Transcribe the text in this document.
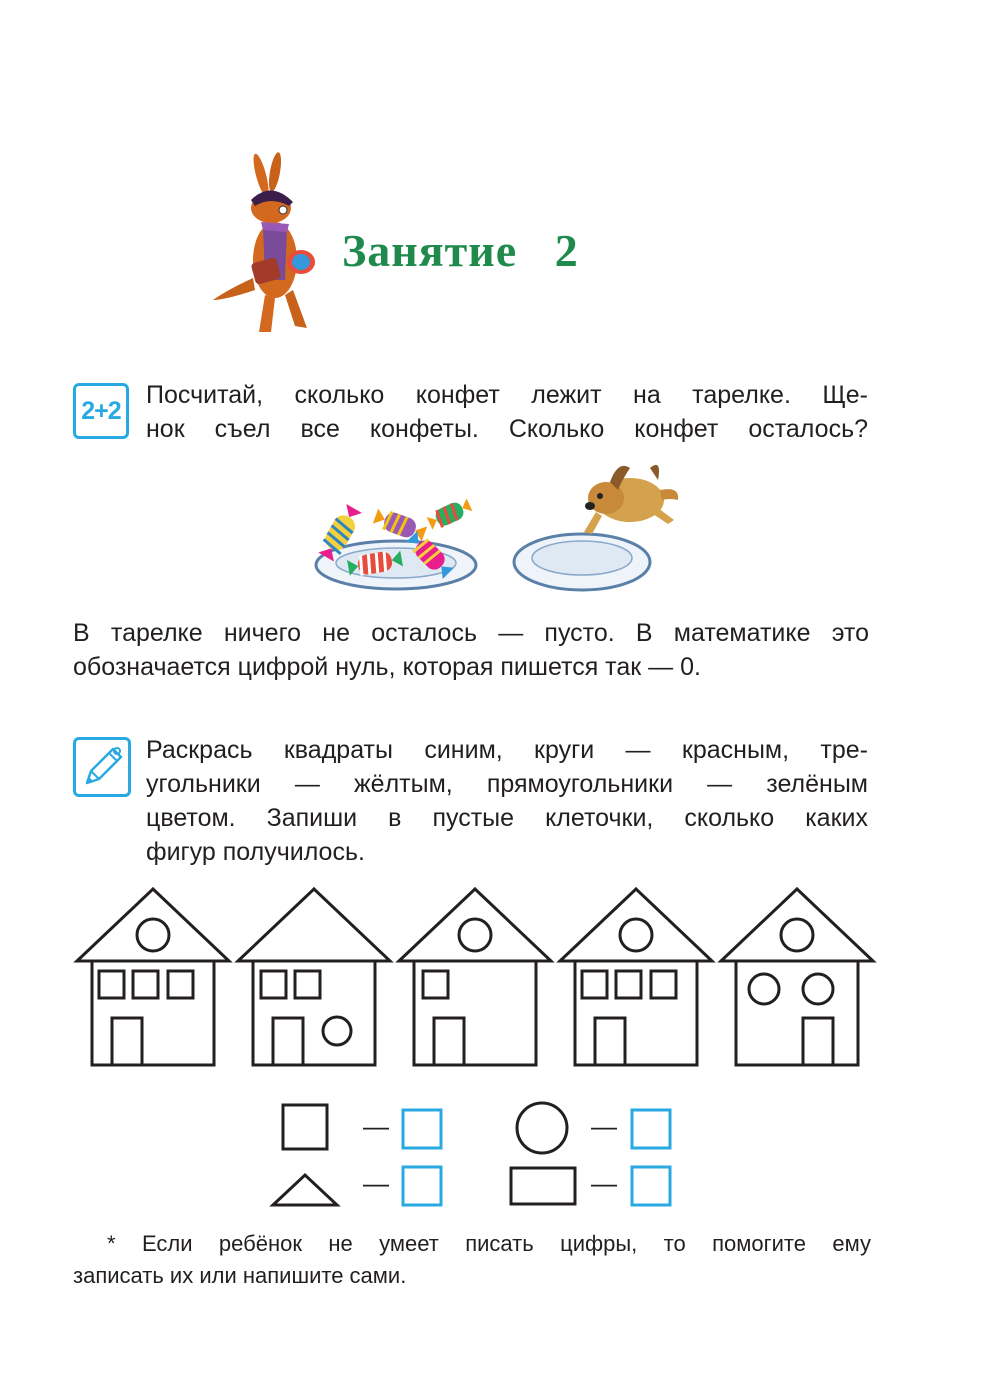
Занятие   2
2+2
Посчитай, сколько конфет лежит на тарелке. Ще-
нок съел все конфеты. Сколько конфет осталось?
В тарелке ничего не осталось — пусто. В математике это
обозначается цифрой нуль, которая пишется так — 0.
Раскрась квадраты синим, круги — красным, тре-
угольники — жёлтым, прямоугольники — зелёным
цветом. Запиши в пустые клеточки, сколько каких
фигур получилось.
—	—
—	—
* Если ребёнок не умеет писать цифры, то помогите ему
записать их или напишите сами.
